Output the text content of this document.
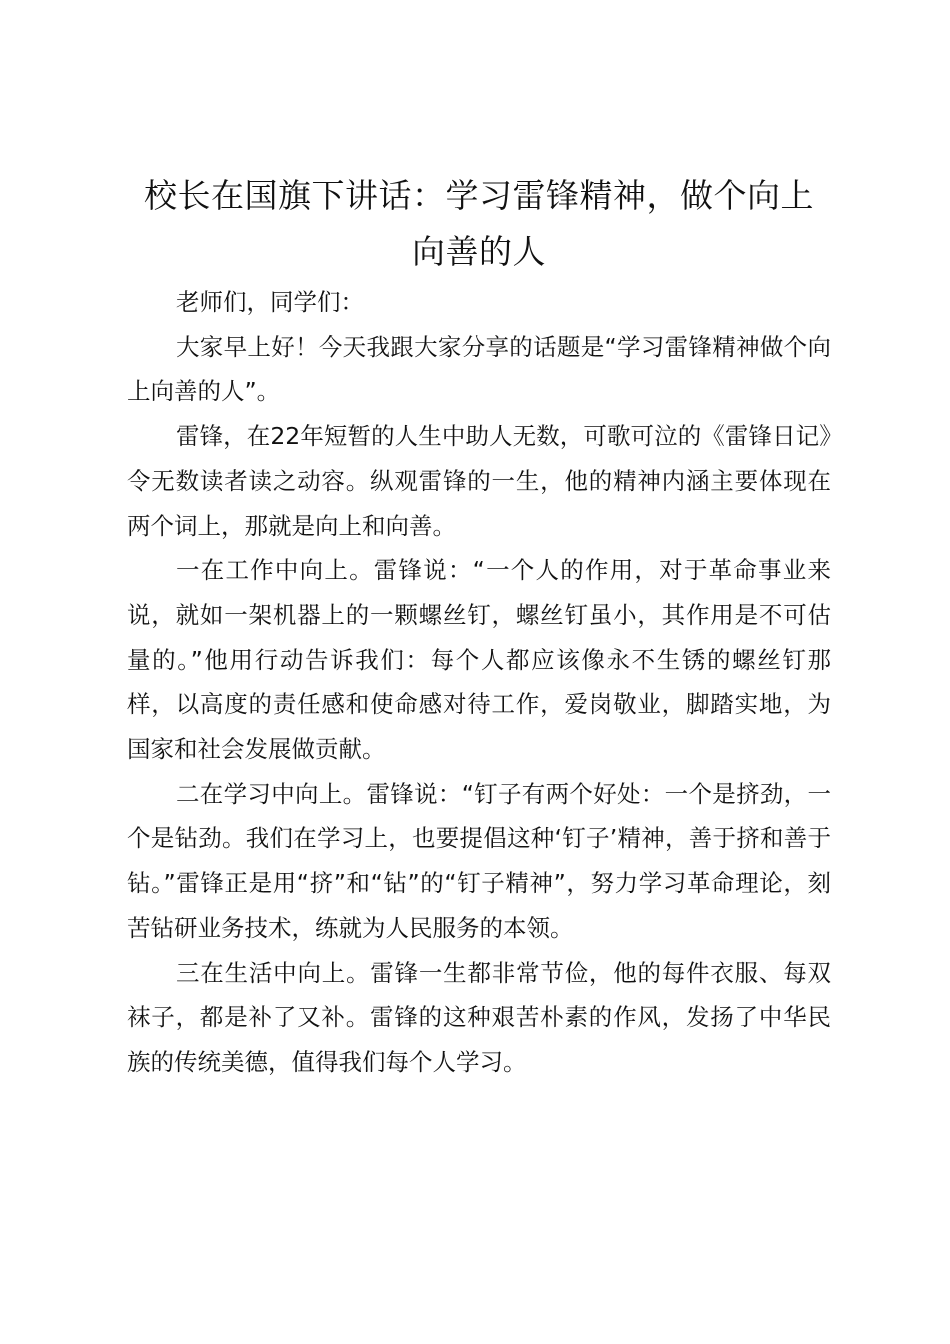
校长在国旗下讲话：学习雷锋精神，做个向上
向善的人

老师们，同学们：

大家早上好！今天我跟大家分享的话题是“学习雷锋精神做个向上向善的人”。

雷锋，在22年短暂的人生中助人无数，可歌可泣的《雷锋日记》令无数读者读之动容。纵观雷锋的一生，他的精神内涵主要体现在两个词上，那就是向上和向善。

一在工作中向上。雷锋说：“一个人的作用，对于革命事业来说，就如一架机器上的一颗螺丝钉，螺丝钉虽小，其作用是不可估量的。”他用行动告诉我们：每个人都应该像永不生锈的螺丝钉那样，以高度的责任感和使命感对待工作，爱岗敬业，脚踏实地，为国家和社会发展做贡献。

二在学习中向上。雷锋说：“钉子有两个好处：一个是挤劲，一个是钻劲。我们在学习上，也要提倡这种‘钉子’精神，善于挤和善于钻。”雷锋正是用“挤”和“钻”的“钉子精神”，努力学习革命理论，刻苦钻研业务技术，练就为人民服务的本领。

三在生活中向上。雷锋一生都非常节俭，他的每件衣服、每双袜子，都是补了又补。雷锋的这种艰苦朴素的作风，发扬了中华民族的传统美德，值得我们每个人学习。
